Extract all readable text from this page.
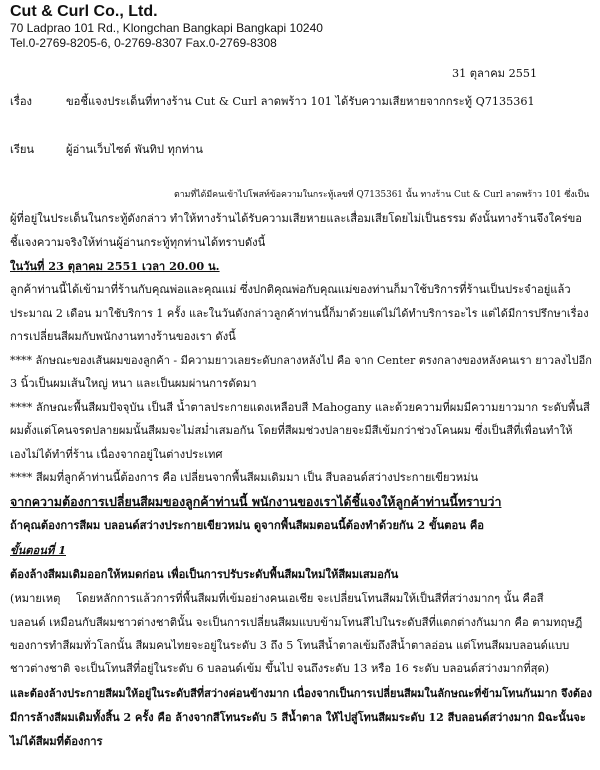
Cut & Curl Co., Ltd.
70 Ladprao 101 Rd., Klongchan Bangkapi Bangkapi 10240
Tel.0-2769-8205-6, 0-2769-8307 Fax.0-2769-8308
31 ตุลาคม 2551
เรื่อง	ขอชี้แจงประเด็นที่ทางร้าน Cut & Curl ลาดพร้าว 101 ได้รับความเสียหายจากกระทู้ Q7135361
เรียน	ผู้อ่านเว็บไซต์ พันทิป ทุกท่าน
ตามที่ได้มีคนเข้าไปโพสท์ข้อความในกระทู้เลขที่ Q7135361 นั้น ทางร้าน Cut & Curl ลาดพร้าว 101 ซึ่งเป็น
ผู้ที่อยู่ในประเด็นในกระทู้ดังกล่าว ทำให้ทางร้านได้รับความเสียหายและเสื่อมเสียโดยไม่เป็นธรรม ดังนั้นทางร้านจึงใคร่ขอ
ชี้แจงความจริงให้ท่านผู้อ่านกระทู้ทุกท่านได้ทราบดังนี้
ในวันที่ 23 ตุลาคม 2551 เวลา 20.00 น.
ลูกค้าท่านนี้ได้เข้ามาที่ร้านกับคุณพ่อและคุณแม่ ซึ่งปกติคุณพ่อกับคุณแม่ของท่านก็มาใช้บริการที่ร้านเป็นประจำอยู่แล้ว
ประมาณ 2 เดือน มาใช้บริการ 1 ครั้ง และในวันดังกล่าวลูกค้าท่านนี้ก็มาด้วยแต่ไม่ได้ทำบริการอะไร แต่ได้มีการปรึกษาเรื่อง
การเปลี่ยนสีผมกับพนักงานทางร้านของเรา ดังนี้
**** ลักษณะของเส้นผมของลูกค้า - มีความยาวเลยระดับกลางหลังไป คือ จาก Center ตรงกลางของหลังคนเรา ยาวลงไปอีก
3 นิ้วเป็นผมเส้นใหญ่ หนา และเป็นผมผ่านการดัดมา
**** ลักษณะพื้นสีผมปัจจุบัน เป็นสี น้ำตาลประกายแดงเหลือบสี Mahogany และด้วยความที่ผมมีความยาวมาก ระดับพื้นสี
ผมตั้งแต่โคนจรดปลายผมนั้นสีผมจะไม่สม่ำเสมอกัน โดยที่สีผมช่วงปลายจะมีสีเข้มกว่าช่วงโคนผม ซึ่งเป็นสีที่เพื่อนทำให้
เองไม่ได้ทำที่ร้าน เนื่องจากอยู่ในต่างประเทศ
**** สีผมที่ลูกค้าท่านนี้ต้องการ คือ เปลี่ยนจากพื้นสีผมเดิมมา เป็น สีบลอนด์สว่างประกายเขียวหม่น
จากความต้องการเปลี่ยนสีผมของลูกค้าท่านนี้ พนักงานของเราได้ชี้แจงให้ลูกค้าท่านนี้ทราบว่า
ถ้าคุณต้องการสีผม บลอนด์สว่างประกายเขียวหม่น ดูจากพื้นสีผมตอนนี้ต้องทำด้วยกัน 2 ขั้นตอน คือ
ขั้นตอนที่ 1
ต้องล้างสีผมเดิมออกให้หมดก่อน เพื่อเป็นการปรับระดับพื้นสีผมใหม่ให้สีผมเสมอกัน
(หมายเหตุ โดยหลักการแล้วการที่พื้นสีผมที่เข้มอย่างคนเอเชีย จะเปลี่ยนโทนสีผมให้เป็นสีที่สว่างมากๆ นั้น คือสี
บลอนด์ เหมือนกับสีผมชาวต่างชาตินั้น จะเป็นการเปลี่ยนสีผมแบบข้ามโทนสีไปในระดับสีที่แตกต่างกันมาก คือ ตามทฤษฎี
ของการทำสีผมทั่วโลกนั้น สีผมคนไทยจะอยู่ในระดับ 3 ถึง 5 โทนสีน้ำตาลเข้มถึงสีน้ำตาลอ่อน แต่โทนสีผมบลอนด์แบบ
ชาวต่างชาติ จะเป็นโทนสีที่อยู่ในระดับ 6 บลอนด์เข้ม ขึ้นไป จนถึงระดับ 13 หรือ 16 ระดับ บลอนด์สว่างมากที่สุด)
และต้องล้างประกายสีผมให้อยู่ในระดับสีที่สว่างค่อนข้างมาก เนื่องจากเป็นการเปลี่ยนสีผมในลักษณะที่ข้ามโทนกันมาก จึงต้อง
มีการล้างสีผมเดิมทั้งสิ้น 2 ครั้ง คือ ล้างจากสีโทนระดับ 5 สีน้ำตาล ให้ไปสู่โทนสีผมระดับ 12 สีบลอนด์สว่างมาก มิฉะนั้นจะ
ไม่ได้สีผมที่ต้องการ
